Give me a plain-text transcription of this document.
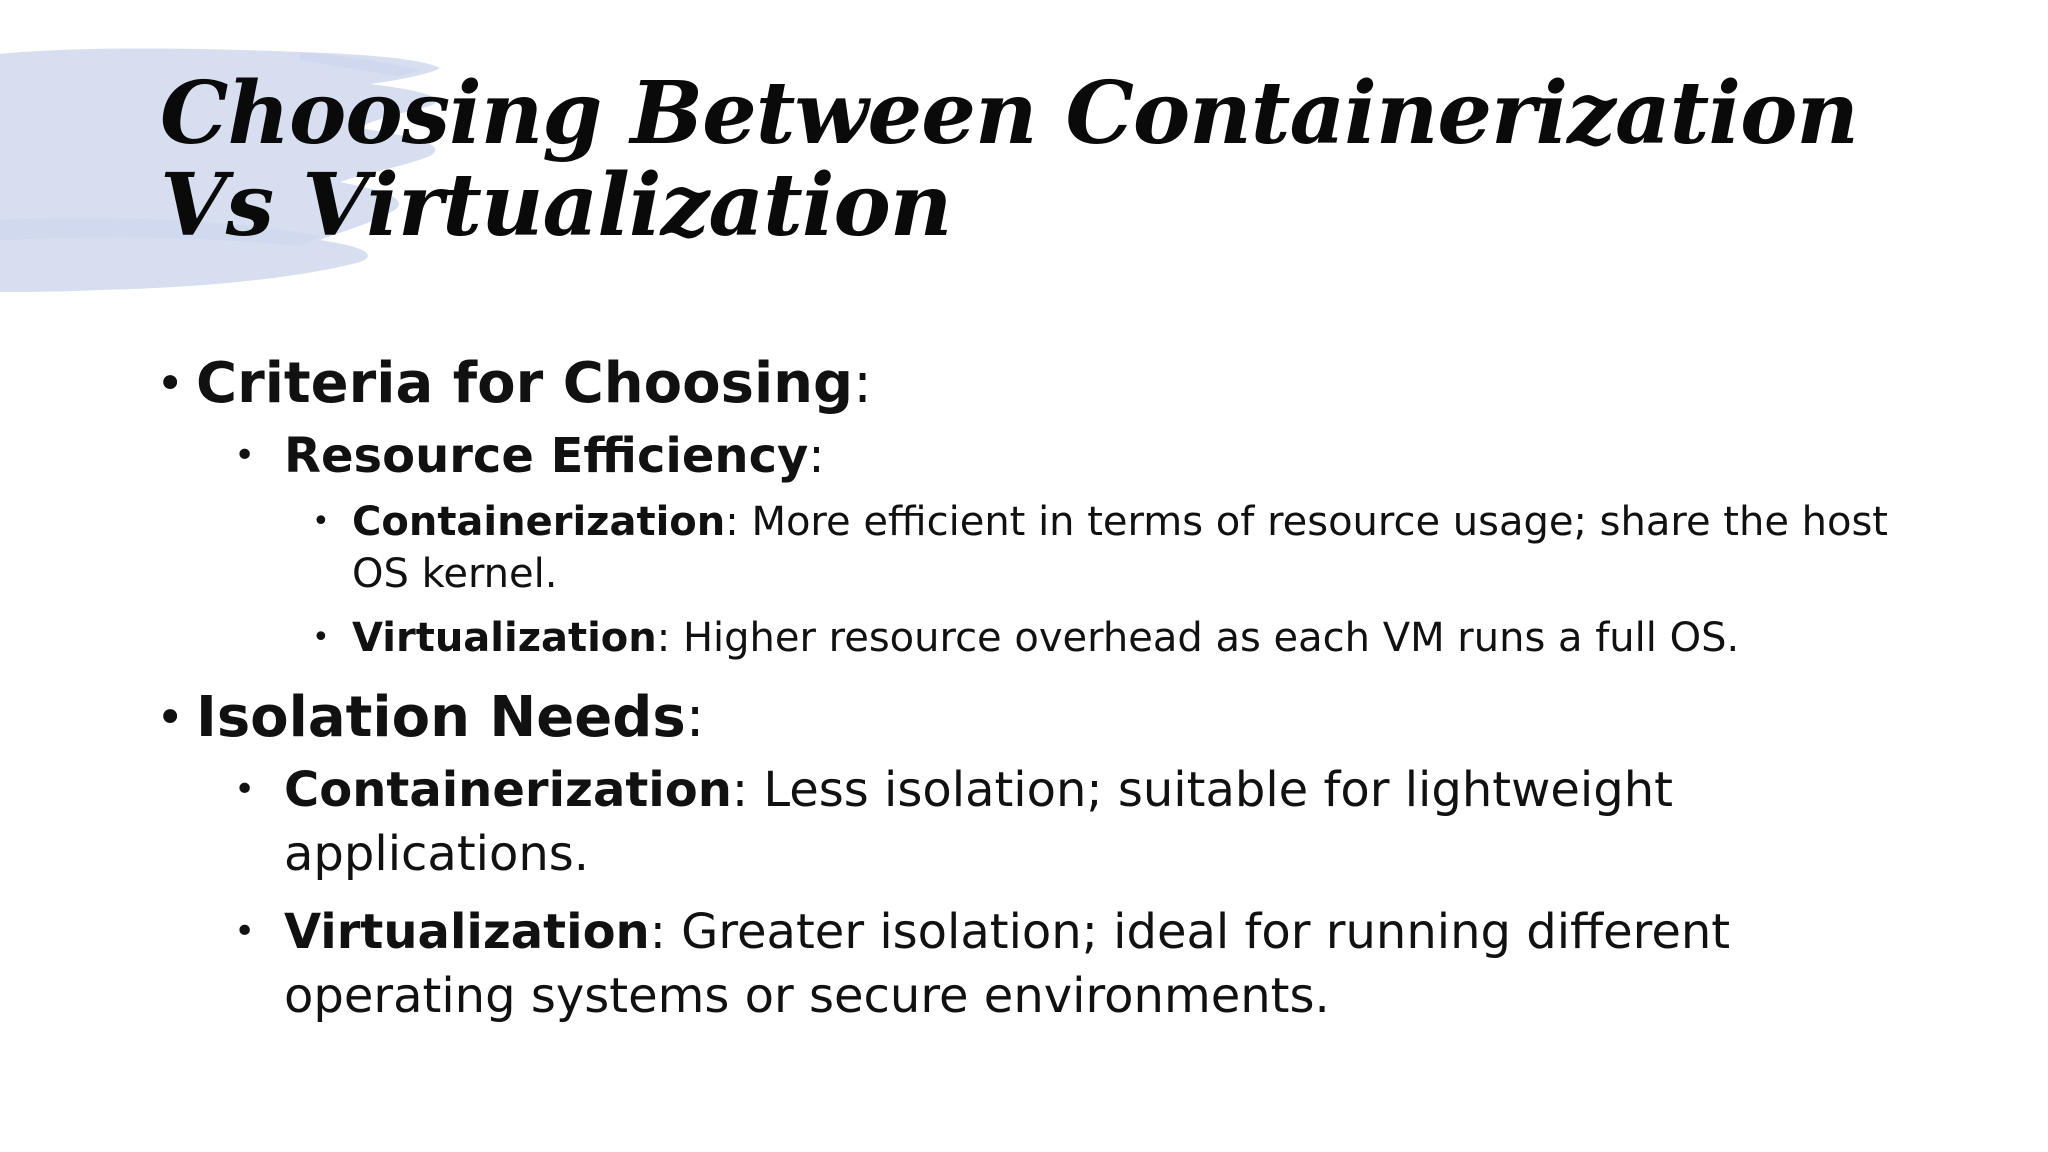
Choosing Between Containerization Vs Virtualization
• Criteria for Choosing:
• Resource Efficiency:
• Containerization: More efficient in terms of resource usage; share the host OS kernel.
• Virtualization: Higher resource overhead as each VM runs a full OS.
• Isolation Needs:
• Containerization: Less isolation; suitable for lightweight applications.
• Virtualization: Greater isolation; ideal for running different operating systems or secure environments.
